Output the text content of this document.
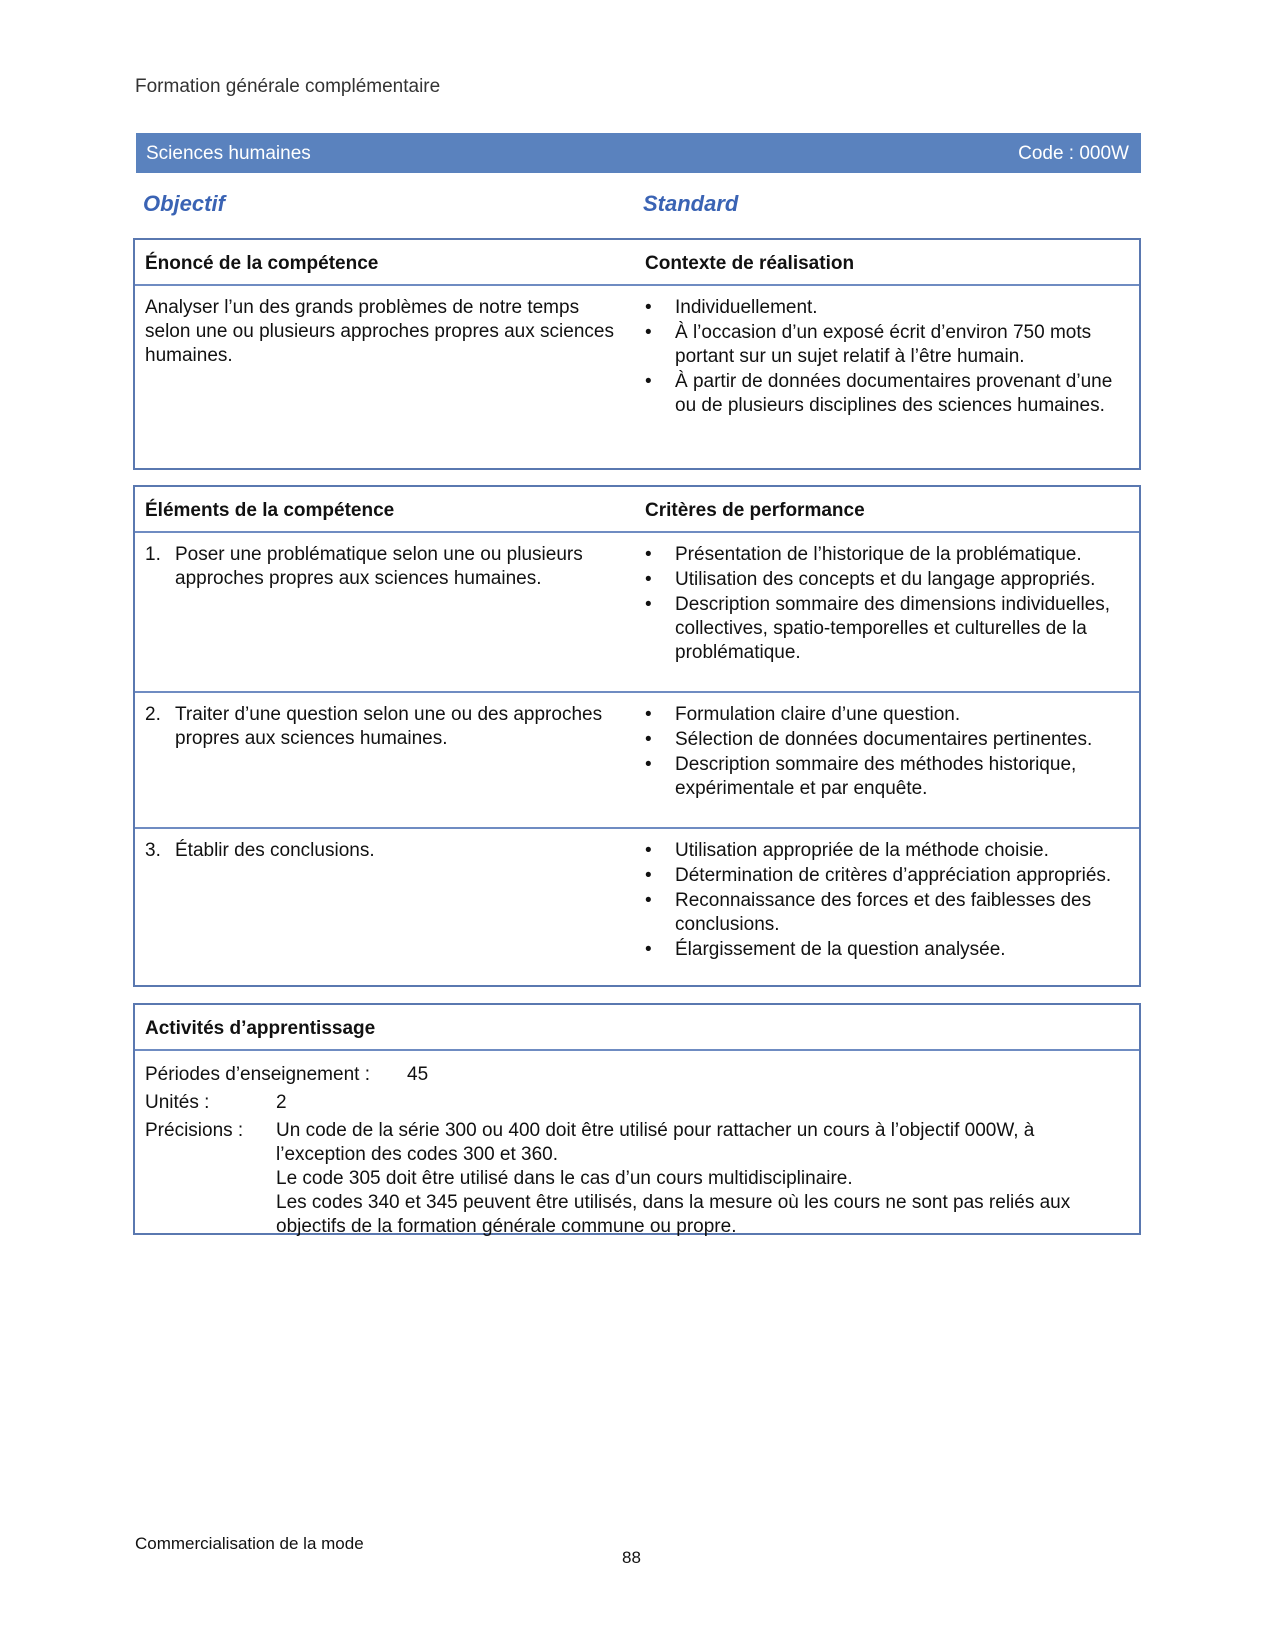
Formation générale complémentaire
Sciences humaines	Code : 000W
Objectif	Standard
Énoncé de la compétence	Contexte de réalisation
Analyser l’un des grands problèmes de notre temps selon une ou plusieurs approches propres aux sciences humaines.
• Individuellement.
• À l’occasion d’un exposé écrit d’environ 750 mots portant sur un sujet relatif à l’être humain.
• À partir de données documentaires provenant d’une ou de plusieurs disciplines des sciences humaines.
Éléments de la compétence	Critères de performance
1. Poser une problématique selon une ou plusieurs approches propres aux sciences humaines.
• Présentation de l’historique de la problématique.
• Utilisation des concepts et du langage appropriés.
• Description sommaire des dimensions individuelles, collectives, spatio-temporelles et culturelles de la problématique.
2. Traiter d’une question selon une ou des approches propres aux sciences humaines.
• Formulation claire d’une question.
• Sélection de données documentaires pertinentes.
• Description sommaire des méthodes historique, expérimentale et par enquête.
3. Établir des conclusions.
•	Utilisation appropriée de la méthode choisie.
• Détermination de critères d’appréciation appropriés.
• Reconnaissance des forces et des faiblesses des conclusions.
• Élargissement de la question analysée.
Activités d’apprentissage
Périodes d’enseignement : 45
Unités :	2
Précisions : Un code de la série 300 ou 400 doit être utilisé pour rattacher un cours à l’objectif 000W, à l’exception des codes 300 et 360.
Le code 305 doit être utilisé dans le cas d’un cours multidisciplinaire.
Les codes 340 et 345 peuvent être utilisés, dans la mesure où les cours ne sont pas reliés aux objectifs de la formation générale commune ou propre.
Commercialisation de la mode
88
